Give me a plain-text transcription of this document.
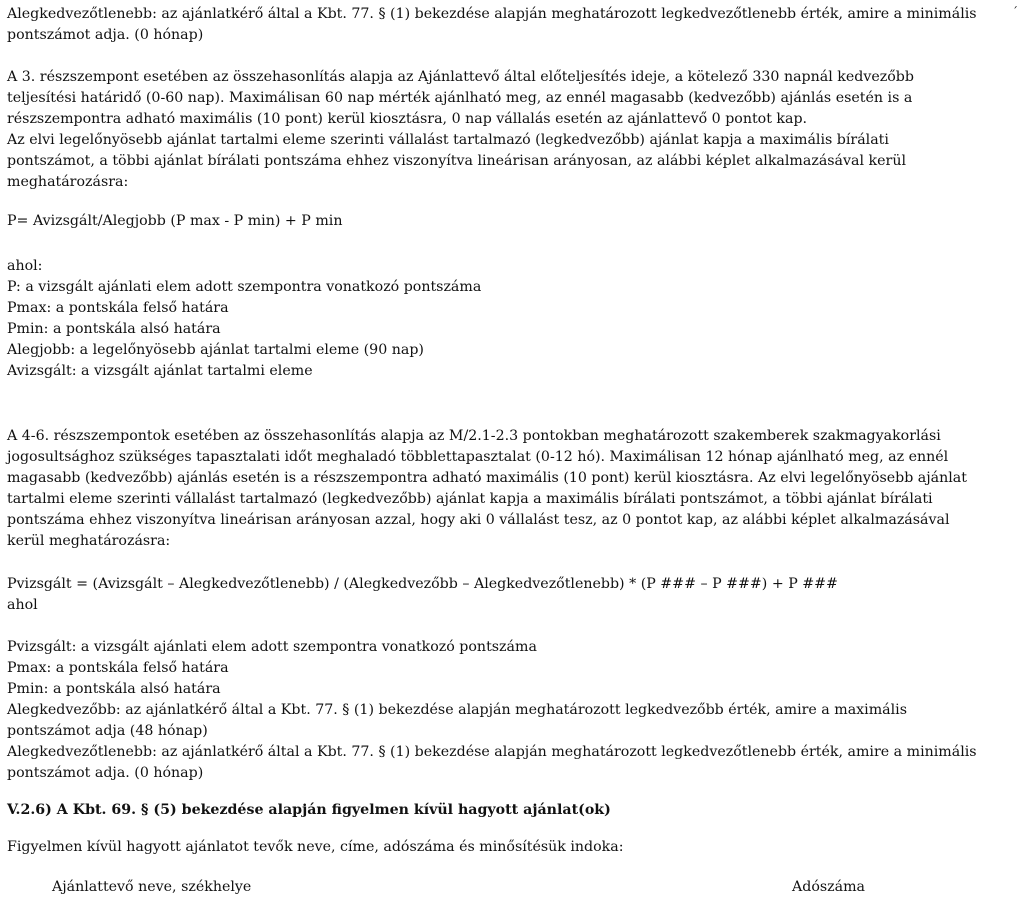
´
Alegkedvezőtlenebb: az ajánlatkérő által a Kbt. 77. § (1) bekezdése alapján meghatározott legkedvezőtlenebb érték, amire a minimális
pontszámot adja. (0 hónap)
A 3. részszempont esetében az összehasonlítás alapja az Ajánlattevő által előteljesítés ideje, a kötelező 330 napnál kedvezőbb
teljesítési határidő (0-60 nap). Maximálisan 60 nap mérték ajánlható meg, az ennél magasabb (kedvezőbb) ajánlás esetén is a
részszempontra adható maximális (10 pont) kerül kiosztásra, 0 nap vállalás esetén az ajánlattevő 0 pontot kap.
Az elvi legelőnyösebb ajánlat tartalmi eleme szerinti vállalást tartalmazó (legkedvezőbb) ajánlat kapja a maximális bírálati
pontszámot, a többi ajánlat bírálati pontszáma ehhez viszonyítva lineárisan arányosan, az alábbi képlet alkalmazásával kerül
meghatározásra:
P= Avizsgált/Alegjobb (P max - P min) + P min
ahol:
P: a vizsgált ajánlati elem adott szempontra vonatkozó pontszáma
Pmax: a pontskála felső határa
Pmin: a pontskála alsó határa
Alegjobb: a legelőnyösebb ajánlat tartalmi eleme (90 nap)
Avizsgált: a vizsgált ajánlat tartalmi eleme
A 4-6. részszempontok esetében az összehasonlítás alapja az M/2.1-2.3 pontokban meghatározott szakemberek szakmagyakorlási
jogosultsághoz szükséges tapasztalati időt meghaladó többlettapasztalat (0-12 hó). Maximálisan 12 hónap ajánlható meg, az ennél
magasabb (kedvezőbb) ajánlás esetén is a részszempontra adható maximális (10 pont) kerül kiosztásra. Az elvi legelőnyösebb ajánlat
tartalmi eleme szerinti vállalást tartalmazó (legkedvezőbb) ajánlat kapja a maximális bírálati pontszámot, a többi ajánlat bírálati
pontszáma ehhez viszonyítva lineárisan arányosan azzal, hogy aki 0 vállalást tesz, az 0 pontot kap, az alábbi képlet alkalmazásával
kerül meghatározásra:
Pvizsgált = (Avizsgált – Alegkedvezőtlenebb) / (Alegkedvezőbb – Alegkedvezőtlenebb) * (P ### – P ###) + P ###
ahol
Pvizsgált: a vizsgált ajánlati elem adott szempontra vonatkozó pontszáma
Pmax: a pontskála felső határa
Pmin: a pontskála alsó határa
Alegkedvezőbb: az ajánlatkérő által a Kbt. 77. § (1) bekezdése alapján meghatározott legkedvezőbb érték, amire a maximális
pontszámot adja (48 hónap)
Alegkedvezőtlenebb: az ajánlatkérő által a Kbt. 77. § (1) bekezdése alapján meghatározott legkedvezőtlenebb érték, amire a minimális
pontszámot adja. (0 hónap)
V.2.6) A Kbt. 69. § (5) bekezdése alapján figyelmen kívül hagyott ajánlat(ok)
Figyelmen kívül hagyott ajánlatot tevők neve, címe, adószáma és minősítésük indoka:
Ajánlattevő neve, székhelye	Adószáma
